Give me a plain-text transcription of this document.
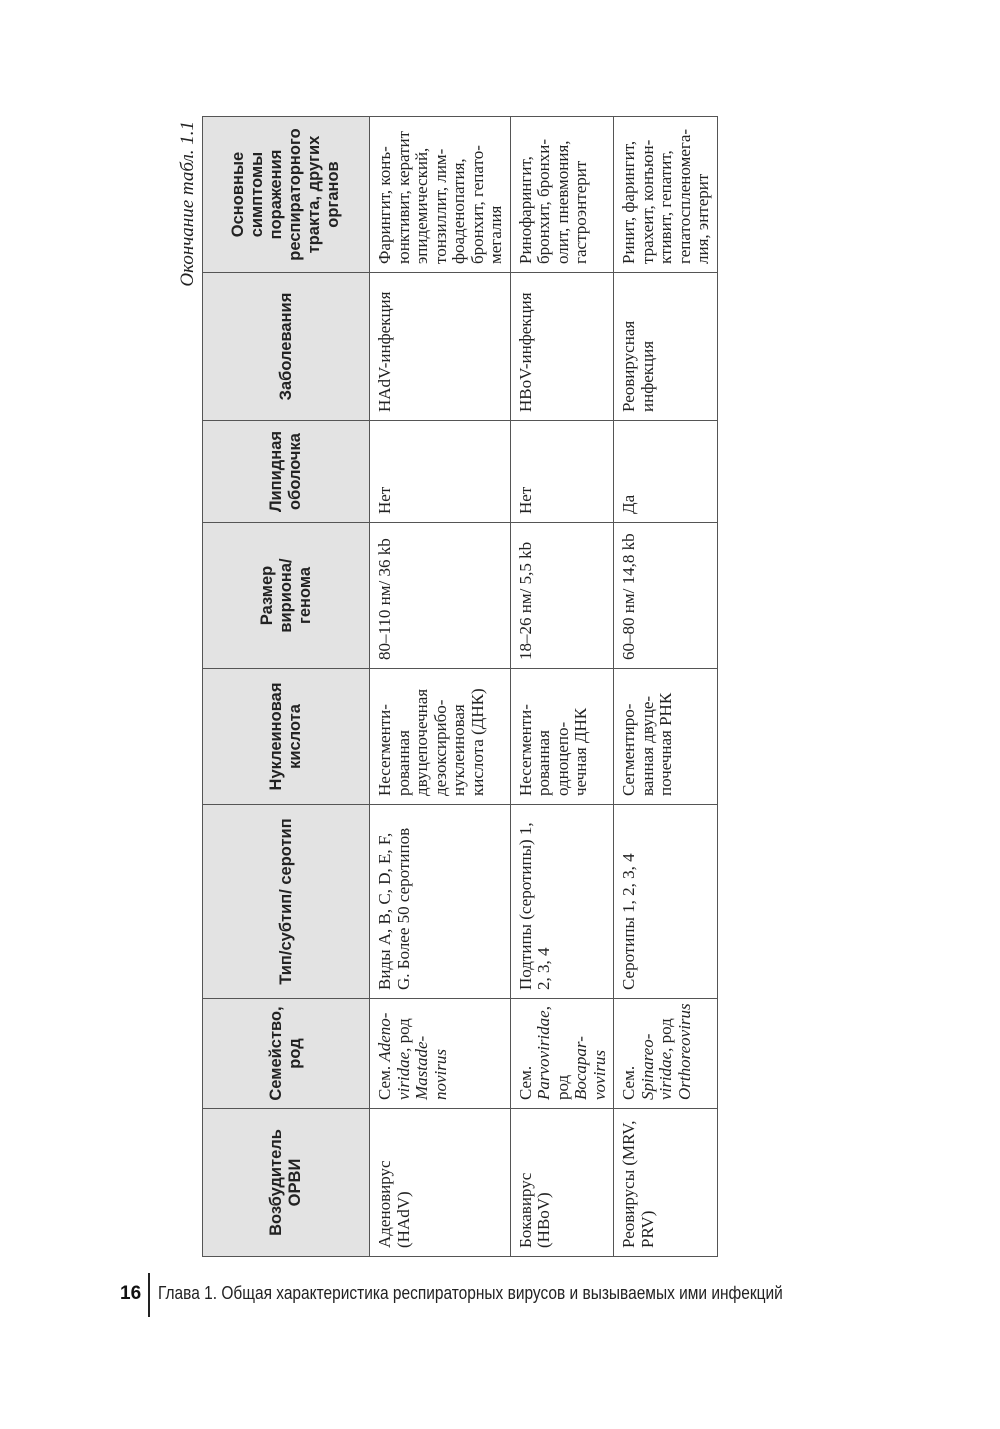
Окончание табл. 1.1
Возбудитель ОРВИ	Семейство, род	Тип/субтип/ серотип	Нуклеиновая кислота	Размер вириона/ генома	Липидная оболочка	Заболевания	Основные симптомы поражения респираторного тракта, других органов
Аденовирус (HAdV)	Сем. Adeno-viridae, род Mastade-novirus	Виды A, B, C, D, E, F, G. Более 50 серотипов	Несегменти-рованная двуцепочечная дезоксирибо-нуклеиновая кислота (ДНК)	80–110 нм/ 36 kb	Нет	HAdV-инфекция	Фарингит, конъ-юнктивит, кератит эпидемический, тонзиллит, лим-фоаденопатия, бронхит, гепато-мегалия
Бокавирус (HBoV)	Сем. Parvoviridae, род Bocapar-vovirus	Подтипы (серотипы) 1, 2, 3, 4	Несегменти-рованная одноцепо-чечная ДНК	18–26 нм/ 5,5 kb	Нет	HBoV-инфекция	Ринофарингит, бронхит, бронхи-олит, пневмония, гастроэнтерит
Реовирусы (MRV, PRV)	Сем. Spinareo-viridae, род Orthoreovirus	Серотипы 1, 2, 3, 4	Сегментиро-ванная двуце-почечная РНК	60–80 нм/ 14,8 kb	Да	Реовирусная инфекция	Ринит, фарингит, трахеит, конъюн-ктивит, гепатит, гепатоспленомега-лия, энтерит
16 Глава 1. Общая характеристика респираторных вирусов и вызываемых ими инфекций
